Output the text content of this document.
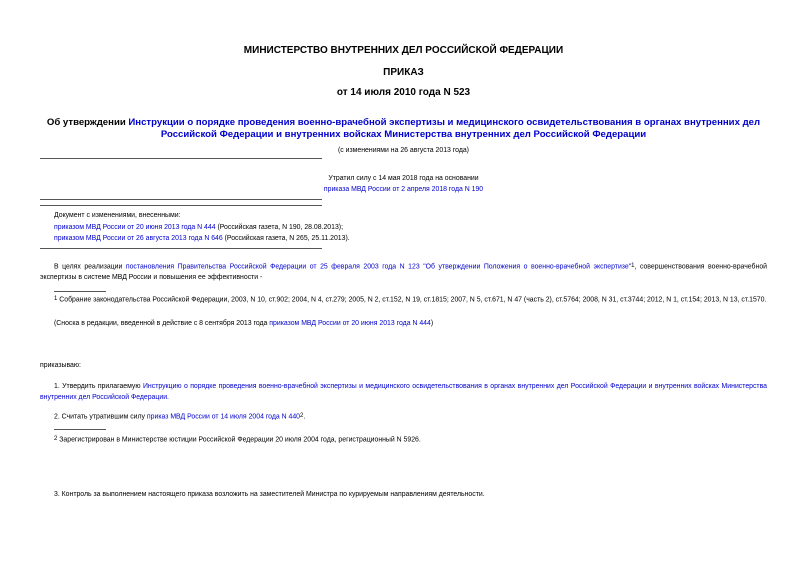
МИНИСТЕРСТВО ВНУТРЕННИХ ДЕЛ РОССИЙСКОЙ ФЕДЕРАЦИИ

ПРИКАЗ

от 14 июля 2010 года N 523

Об утверждении Инструкции о порядке проведения военно-врачебной экспертизы и медицинского освидетельствования в органах внутренних дел Российской Федерации и внутренних войсках Министерства внутренних дел Российской Федерации

(с изменениями на 26 августа 2013 года)

Утратил силу с 14 мая 2018 года на основании

приказа МВД России от 2 апреля 2018 года N 190

Документ с изменениями, внесенными:

приказом МВД России от 20 июня 2013 года N 444 (Российская газета, N 190, 28.08.2013);

приказом МВД России от 26 августа 2013 года N 646 (Российская газета, N 265, 25.11.2013).

В целях реализации постановления Правительства Российской Федерации от 25 февраля 2003 года N 123 "Об утверждении Положения о военно-врачебной экспертизе"1, совершенствования военно-врачебной экспертизы в системе МВД России и повышения ее эффективности -

1 Собрание законодательства Российской Федерации, 2003, N 10, ст.902; 2004, N 4, ст.279; 2005, N 2, ст.152, N 19, ст.1815; 2007, N 5, ст.671, N 47 (часть 2), ст.5764; 2008, N 31, ст.3744; 2012, N 1, ст.154; 2013, N 13, ст.1570.

(Сноска в редакции, введенной в действие с 8 сентября 2013 года приказом МВД России от 20 июня 2013 года N 444)

приказываю:

1. Утвердить прилагаемую Инструкцию о порядке проведения военно-врачебной экспертизы и медицинского освидетельствования в органах внутренних дел Российской Федерации и внутренних войсках Министерства внутренних дел Российской Федерации.

2. Считать утратившим силу приказ МВД России от 14 июля 2004 года N 4402.

2 Зарегистрирован в Министерстве юстиции Российской Федерации 20 июля 2004 года, регистрационный N 5926.

3. Контроль за выполнением настоящего приказа возложить на заместителей Министра по курируемым направлениям деятельности.
